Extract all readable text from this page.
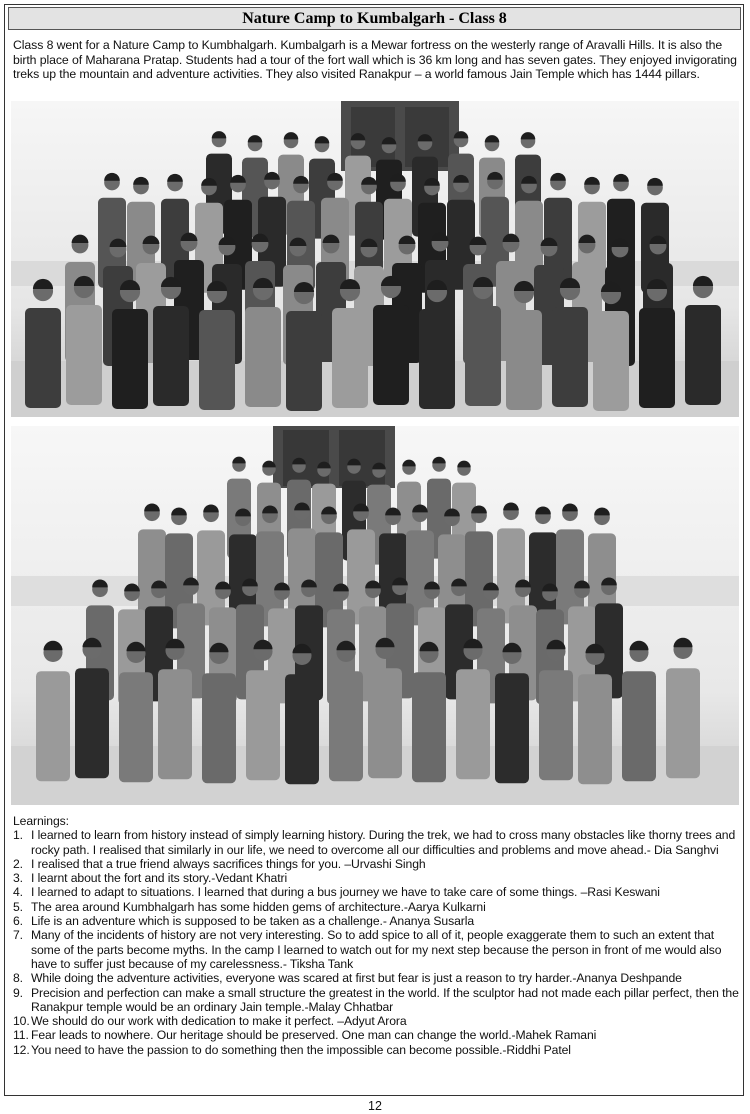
Nature Camp to Kumbalgarh - Class 8

Class 8 went for a Nature Camp to Kumbhalgarh. Kumbalgarh is a Mewar fortress on the westerly range of Aravalli Hills. It is also the birth place of Maharana Pratap. Students had a tour of the fort wall which is 36 km long and has seven gates. They enjoyed invigorating treks up the mountain and adventure activities. They also visited Ranakpur – a world famous Jain Temple which has 1444 pillars.

Learnings:
1. I learned to learn from history instead of simply learning history. During the trek, we had to cross many obstacles like thorny trees and rocky path. I realised that similarly in our life, we need to overcome all our difficulties and problems and move ahead.- Dia Sanghvi
2. I realised that a true friend always sacrifices things for you. –Urvashi Singh
3. I learnt about the fort and its story.-Vedant Khatri
4. I learned to adapt to situations. I learned that during a bus journey we have to take care of some things. –Rasi Keswani
5. The area around Kumbhalgarh has some hidden gems of architecture.-Aarya Kulkarni
6. Life is an adventure which is supposed to be taken as a challenge.- Ananya Susarla
7. Many of the incidents of history are not very interesting. So to add spice to all of it, people exaggerate them to such an extent that some of the parts become myths. In the camp I learned to watch out for my next step because the person in front of me would also have to suffer just because of my carelessness.- Tiksha Tank
8. While doing the adventure activities, everyone was scared at first but fear is just a reason to try harder.-Ananya Deshpande
9. Precision and perfection can make a small structure the greatest in the world. If the sculptor had not made each pillar perfect, then the Ranakpur temple would be an ordinary Jain temple.-Malay Chhatbar
10. We should do our work with dedication to make it perfect. –Adyut Arora
11. Fear leads to nowhere. Our heritage should be preserved. One man can change the world.-Mahek Ramani
12. You need to have the passion to do something then the impossible can become possible.-Riddhi Patel
12
